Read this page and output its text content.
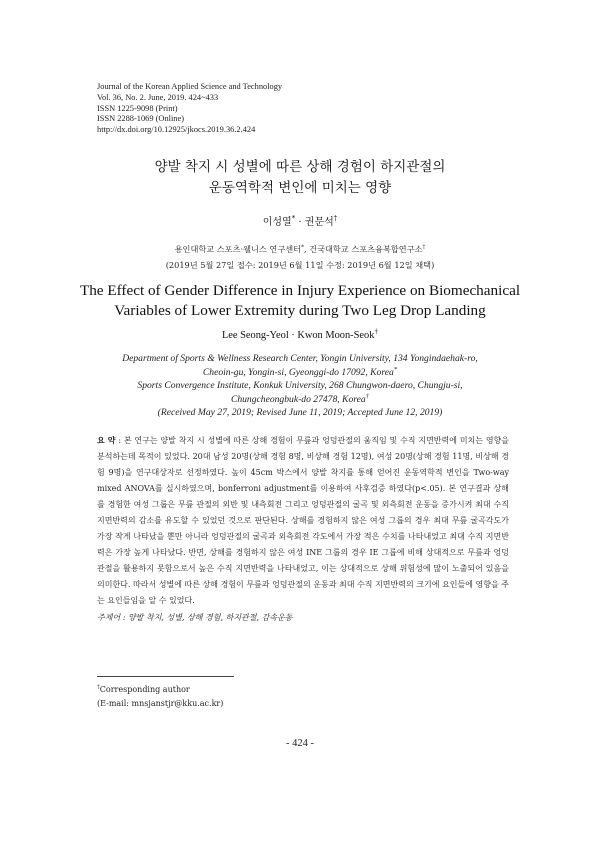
Journal of the Korean Applied Science and Technology
Vol. 36, No. 2. June, 2019. 424~433
ISSN 1225-9098 (Print)
ISSN 2288-1069 (Online)
http://dx.doi.org/10.12925/jkocs.2019.36.2.424
양발 착지 시 성별에 따른 상해 경험이 하지관절의
운동역학적 변인에 미치는 영향
이성열* · 권문석†
용인대학교 스포츠·웰니스 연구센터*, 건국대학교 스포츠융복합연구소†
(2019년 5월 27일 접수: 2019년 6월 11일 수정: 2019년 6월 12일 채택)
The Effect of Gender Difference in Injury Experience on Biomechanical
Variables of Lower Extremity during Two Leg Drop Landing
Lee Seong-Yeol · Kwon Moon-Seok†
Department of Sports & Wellness Research Center, Yongin University, 134 Yongindaehak-ro,
Cheoin-gu, Yongin-si, Gyeonggi-do 17092, Korea*
Sports Convergence Institute, Konkuk University, 268 Chungwon-daero, Chungju-si,
Chungcheongbuk-do 27478, Korea†
(Received May 27, 2019; Revised June 11, 2019; Accepted June 12, 2019)
요 약 : 본 연구는 양발 착지 시 성별에 따른 상해 경험이 무릎과 엉덩관절의 움직임 및 수직 지면반력에 미치는 영향을 분석하는데 목적이 있었다. 20대 남성 20명(상해 경험 8명, 비상해 경험 12명), 여성 20명(상해 경험 11명, 비상해 경험 9명)을 연구대상자로 선정하였다. 높이 45cm 박스에서 양발 착지를 통해 얻어진 운동역학적 변인을 Two-way mixed ANOVA를 실시하였으며, bonferroni adjustment를 이용하여 사후검증 하였다(p<.05). 본 연구결과 상해를 경험한 여성 그룹은 무릎 관절의 외반 및 내측회전 그리고 엉덩관절의 굴곡 및 외측회전 운동을 증가시켜 최대 수직 지면반력의 감소를 유도할 수 있었던 것으로 판단된다. 상해를 경험하지 않은 여성 그룹의 경우 최대 무릎 굴곡각도가 가장 작게 나타났을 뿐만 아니라 엉덩관절의 굴곡과 외측회전 각도에서 가장 적은 수치를 나타내었고 최대 수직 지면반력은 가장 높게 나타났다. 반면, 상해를 경험하지 않은 여성 INE 그룹의 경우 IE 그룹에 비해 상대적으로 무릎과 엉덩관절을 활용하지 못함으로서 높은 수직 지면반력을 나타내었고, 이는 상대적으로 상해 위험성에 많이 노출되어 있음을 의미한다. 따라서 성별에 따른 상해 경험이 무릎과 엉덩관절의 운동과 최대 수직 지면반력의 크기에 요인들에 영향을 주는 요인들임을 알 수 있었다.
주제어 : 양발 착지, 성별, 상해 경험, 하지관절, 감속운동
†Corresponding author
(E-mail: mnsjanstjr@kku.ac.kr)
- 424 -
